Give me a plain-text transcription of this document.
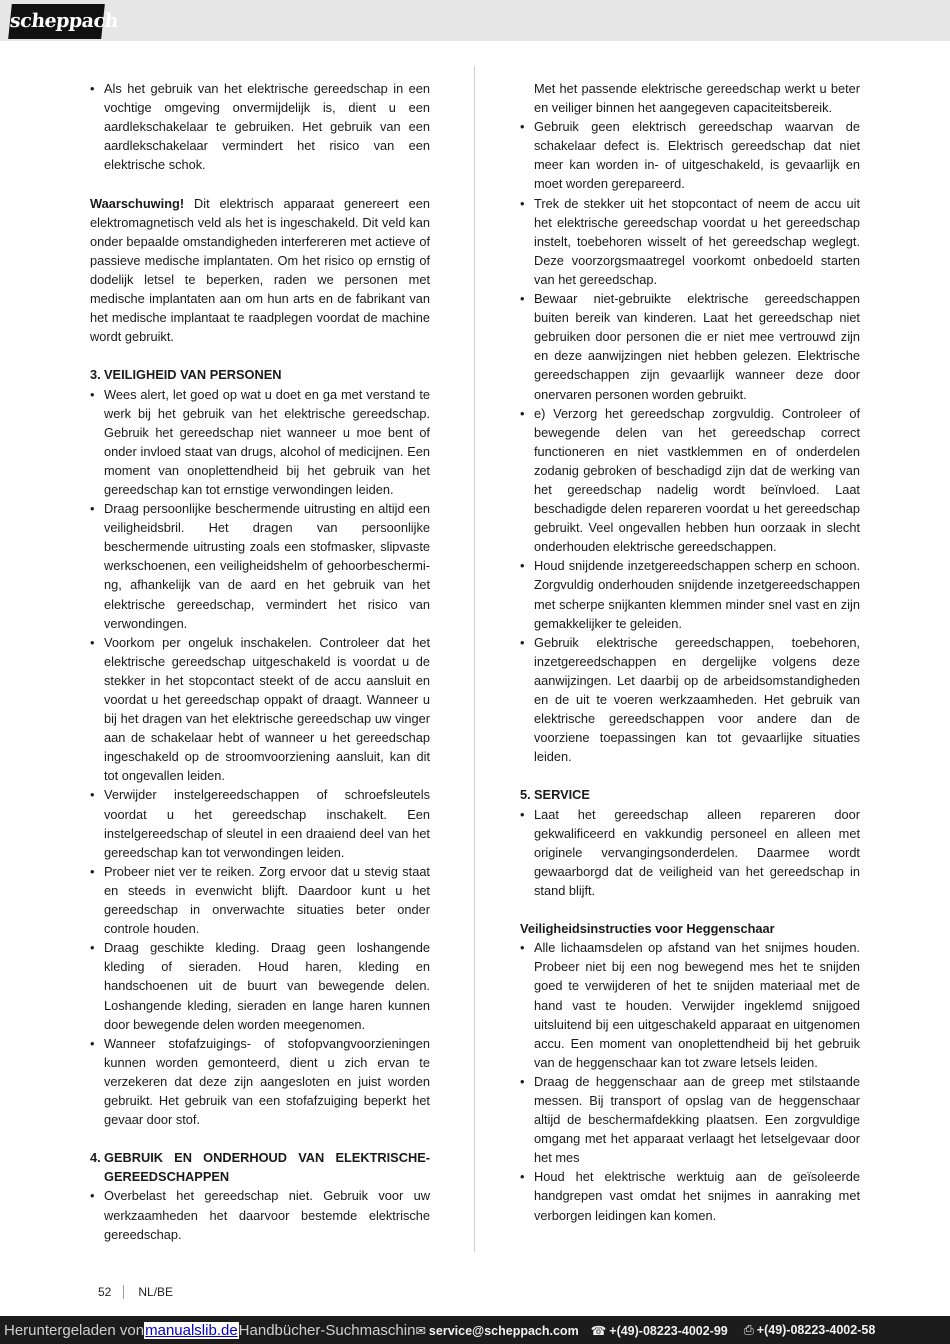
scheppach
• Als het gebruik van het elektrische gereedschap in een vochtige omgeving onvermijdelijk is, dient u een aardlekschakelaar te gebruiken. Het gebruik van een aardlekschakelaar vermindert het risico van een elektrische schok.

Waarschuwing! Dit elektrisch apparaat genereert een elektromagnetisch veld als het is ingeschakeld. Dit veld kan onder bepaalde omstandigheden interfereren met actieve of passieve medische implantaten. Om het risico op ernstig of dodelijk letsel te beperken, raden we personen met medische implantaten aan om hun arts en de fabrikant van het medische implantaat te raadplegen voordat de machine wordt gebruikt.

3. VEILIGHEID VAN PERSONEN
• Wees alert, let goed op wat u doet en ga met verstand te werk bij het gebruik van het elektrische gereedschap. Gebruik het gereedschap niet wanneer u moe bent of onder invloed staat van drugs, alcohol of medicijnen. Een moment van onoplettendheid bij het gebruik van het gereedschap kan tot ernstige verwondingen leiden.
• Draag persoonlijke beschermende uitrusting en altijd een veiligheidsbril. Het dragen van persoonlijke beschermende uitrusting zoals een stofmasker, slipvaste werkschoenen, een veiligheidshelm of gehoorbeschermi-ng, afhankelijk van de aard en het gebruik van het elektrische gereedschap, vermindert het risico van verwondingen.
• Voorkom per ongeluk inschakelen. Controleer dat het elektrische gereedschap uitgeschakeld is voordat u de stekker in het stopcontact steekt of de accu aansluit en voordat u het gereedschap oppakt of draagt. Wanneer u bij het dragen van het elektrische gereedschap uw vinger aan de schakelaar hebt of wanneer u het gereedschap ingeschakeld op de stroomvoorziening aansluit, kan dit tot ongevallen leiden.
• Verwijder instelgereedschappen of schroefsleutels voordat u het gereedschap inschakelt. Een instelgereedschap of sleutel in een draaiend deel van het gereedschap kan tot verwondingen leiden.
• Probeer niet ver te reiken. Zorg ervoor dat u stevig staat en steeds in evenwicht blijft. Daardoor kunt u het gereedschap in onverwachte situaties beter onder controle houden.
• Draag geschikte kleding. Draag geen loshangende kleding of sieraden. Houd haren, kleding en handschoenen uit de buurt van bewegende delen. Loshangende kleding, sieraden en lange haren kunnen door bewegende delen worden meegenomen.
• Wanneer stofafzuigings- of stofopvangvoorzieningen kunnen worden gemonteerd, dient u zich ervan te verzekeren dat deze zijn aangesloten en juist worden gebruikt. Het gebruik van een stofafzuiging beperkt het gevaar door stof.
4. GEBRUIK EN ONDERHOUD VAN ELEKTRISCHE-GEREEDSCHAPPEN
• Overbelast het gereedschap niet. Gebruik voor uw werkzaamheden het daarvoor bestemde elektrische gereedschap.

Met het passende elektrische gereedschap werkt u beter en veiliger binnen het aangegeven capaciteitsbereik.

• Gebruik geen elektrisch gereedschap waarvan de schakelaar defect is. Elektrisch gereedschap dat niet meer kan worden in- of uitgeschakeld, is gevaarlijk en moet worden gerepareerd.
• Trek de stekker uit het stopcontact of neem de accu uit het elektrische gereedschap voordat u het gereedschap instelt, toebehoren wisselt of het gereedschap weglegt. Deze voorzorgsmaatregel voorkomt onbedoeld starten van het gereedschap.
• Bewaar niet-gebruikte elektrische gereedschappen buiten bereik van kinderen. Laat het gereedschap niet gebruiken door personen die er niet mee vertrouwd zijn en deze aanwijzingen niet hebben gelezen. Elektrische gereedschappen zijn gevaarlijk wanneer deze door onervaren personen worden gebruikt.
• e) Verzorg het gereedschap zorgvuldig. Controleer of bewegende delen van het gereedschap correct functioneren en niet vastklemmen en of onderdelen zodanig gebroken of beschadigd zijn dat de werking van het gereedschap nadelig wordt beïnvloed. Laat beschadigde delen repareren voordat u het gereedschap gebruikt. Veel ongevallen hebben hun oorzaak in slecht onderhouden elektrische gereedschappen.
• Houd snijdende inzetgereedschappen scherp en schoon. Zorgvuldig onderhouden snijdende inzetgereedschappen met scherpe snijkanten klemmen minder snel vast en zijn gemakkelijker te geleiden.
• Gebruik elektrische gereedschappen, toebehoren, inzetgereedschappen en dergelijke volgens deze aanwijzingen. Let daarbij op de arbeidsomstandigheden en de uit te voeren werkzaamheden. Het gebruik van elektrische gereedschappen voor andere dan de voorziene toepassingen kan tot gevaarlijke situaties leiden.
5. SERVICE
• Laat het gereedschap alleen repareren door gekwalificeerd en vakkundig personeel en alleen met originele vervangingsonderdelen. Daarmee wordt gewaarborgd dat de veiligheid van het gereedschap in stand blijft.

Veiligheidsinstructies voor Heggenschaar

• Alle lichaamsdelen op afstand van het snijmes houden. Probeer niet bij een nog bewegend mes het te snijden goed te verwijderen of het te snijden materiaal met de hand vast te houden. Verwijder ingeklemd snijgoed uitsluitend bij een uitgeschakeld apparaat en uitgenomen accu. Een moment van onoplettendheid bij het gebruik van de heggenschaar kan tot zware letsels leiden.
• Draag de heggenschaar aan de greep met stilstaande messen. Bij transport of opslag van de heggenschaar altijd de beschermafdekking plaatsen. Een zorgvuldige omgang met het apparaat verlaagt het letselgevaar door het mes
• Houd het elektrische werktuig aan de geïsoleerde handgrepen vast omdat het snijmes in aanraking met verborgen leidingen kan komen.
52	NL/BE
Heruntergeladen von manualslib.de Handbücher-Suchmaschin ✉ service@scheppach.com ☎ +(49)-08223-4002-99 ⎙ +(49)-08223-4002-58
